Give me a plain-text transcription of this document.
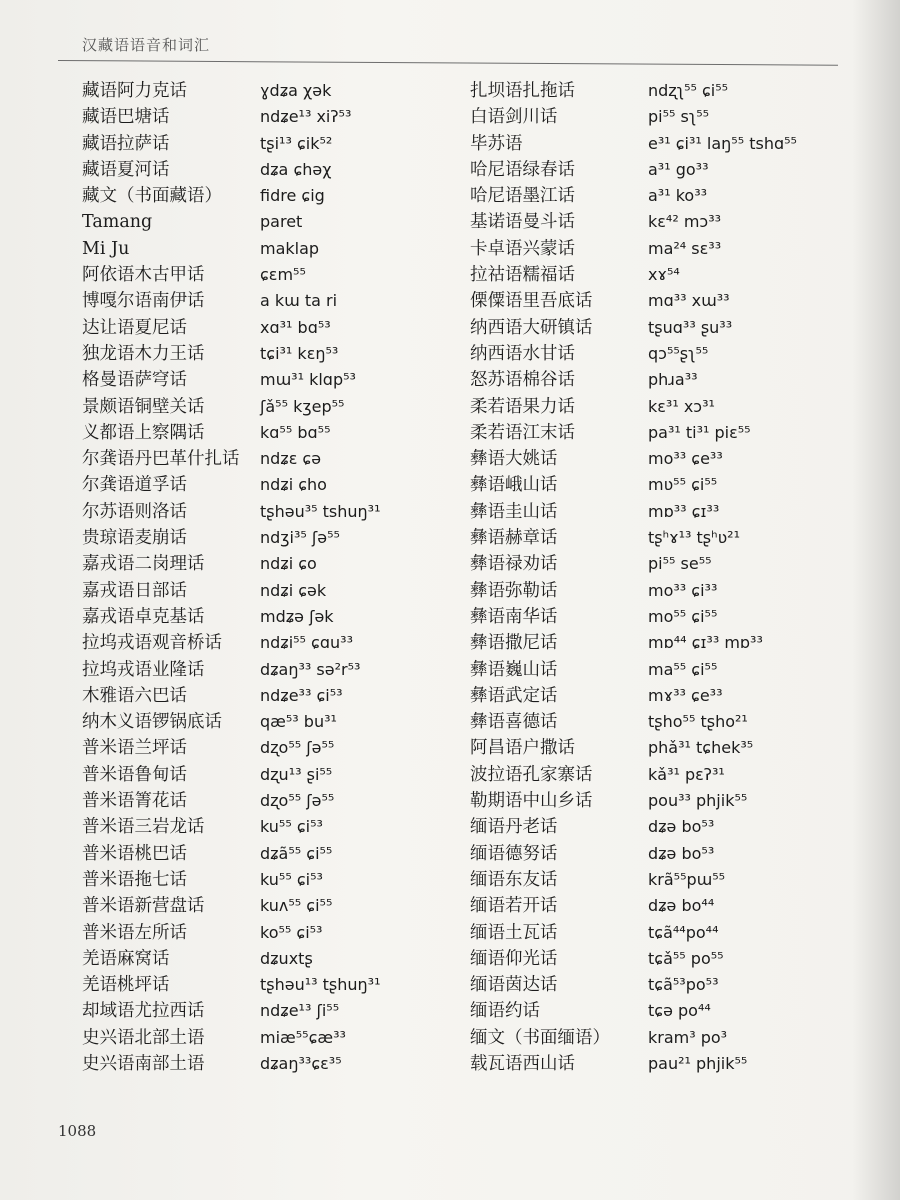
汉藏语语音和词汇
藏语阿力克话
藏语巴塘话
藏语拉萨话
藏语夏河话
藏文（书面藏语）
Tamang
Mi Ju
阿依语木古甲话
博嘎尔语南伊话
达让语夏尼话
独龙语木力王话
格曼语萨穹话
景颇语铜壁关话
义都语上察隅话
尔龚语丹巴革什扎话
尔龚语道孚话
尔苏语则洛话
贵琼语麦崩话
嘉戎语二岗理话
嘉戎语日部话
嘉戎语卓克基话
拉坞戎语观音桥话
拉坞戎语业隆话
木雅语六巴话
纳木义语锣锅底话
普米语兰坪话
普米语鲁甸话
普米语箐花话
普米语三岩龙话
普米语桃巴话
普米语拖七话
普米语新营盘话
普米语左所话
羌语麻窝话
羌语桃坪话
却域语尤拉西话
史兴语北部土语
史兴语南部土语
ɣdʑa χək
ndʑe¹³ xiʔ⁵³
tʂi¹³ ɕik⁵²
dʑa ɕhəχ
fidre ɕig
paret
maklap
ɕɛm⁵⁵
a kɯ ta ri
xɑ³¹ bɑ⁵³
tɕi³¹ kɛŋ⁵³
mɯ³¹ klɑp⁵³
ʃǎ⁵⁵ kʒep⁵⁵
kɑ⁵⁵ bɑ⁵⁵
ndʑɛ ɕə
ndʑi ɕho
tʂhəu³⁵ tshuŋ³¹
ndʒi³⁵ ʃə⁵⁵
ndʑi ɕo
ndʑi ɕək
mdʑə ʃək
ndʑi⁵⁵ ɕɑu³³
dʑaŋ³³ sə²r⁵³
ndʑe³³ ɕi⁵³
qæ⁵³ bu³¹
dʐo⁵⁵ ʃə⁵⁵
dʐu¹³ ʂi⁵⁵
dʐo⁵⁵ ʃə⁵⁵
ku⁵⁵ ɕi⁵³
dʑã⁵⁵ ɕi⁵⁵
ku⁵⁵ ɕi⁵³
kuʌ⁵⁵ ɕi⁵⁵
ko⁵⁵ ɕi⁵³
dʑuxtʂ
tʂhəu¹³ tʂhuŋ³¹
ndʑe¹³ ʃi⁵⁵
miæ⁵⁵ɕæ³³
dʑaŋ³³ɕɛ³⁵
扎坝语扎拖话
白语剑川话
毕苏语
哈尼语绿春话
哈尼语墨江话
基诺语曼斗话
卡卓语兴蒙话
拉祜语糯福话
傈僳语里吾底话
纳西语大研镇话
纳西语水甘话
怒苏语棉谷话
柔若语果力话
柔若语江末话
彝语大姚话
彝语峨山话
彝语圭山话
彝语赫章话
彝语禄劝话
彝语弥勒话
彝语南华话
彝语撒尼话
彝语巍山话
彝语武定话
彝语喜德话
阿昌语户撒话
波拉语孔家寨话
勒期语中山乡话
缅语丹老话
缅语德努话
缅语东友话
缅语若开话
缅语土瓦话
缅语仰光话
缅语茵达话
缅语约话
缅文（书面缅语）
载瓦语西山话
ndʐʅ⁵⁵ ɕi⁵⁵
pi⁵⁵ sʅ⁵⁵
e³¹ ɕi³¹ laŋ⁵⁵ tshɑ⁵⁵
a³¹ go³³
a³¹ ko³³
kɛ⁴² mɔ³³
ma²⁴ sɛ³³
xɤ⁵⁴
mɑ³³ xɯ³³
tʂuɑ³³ ʂu³³
qɔ⁵⁵ʂʅ⁵⁵
phɹa³³
kɛ³¹ xɔ³¹
pa³¹ ti³¹ piɛ⁵⁵
mo³³ ɕe³³
mʋ⁵⁵ ɕi⁵⁵
mɒ³³ ɕɪ³³
tʂʰɤ¹³ tʂʰʋ²¹
pi⁵⁵ se⁵⁵
mo³³ ɕi³³
mo⁵⁵ ɕi⁵⁵
mɒ⁴⁴ ɕɪ³³ mɒ³³
ma⁵⁵ ɕi⁵⁵
mɤ³³ ɕe³³
tʂho⁵⁵ tʂho²¹
phǎ³¹ tɕhek³⁵
kǎ³¹ pɛʔ³¹
pou³³ phjik⁵⁵
dʑə bo⁵³
dʑə bo⁵³
krã⁵⁵pɯ⁵⁵
dʑə bo⁴⁴
tɕã⁴⁴po⁴⁴
tɕǎ⁵⁵ po⁵⁵
tɕã⁵³po⁵³
tɕə po⁴⁴
kram³ po³
pau²¹ phjik⁵⁵
1088
